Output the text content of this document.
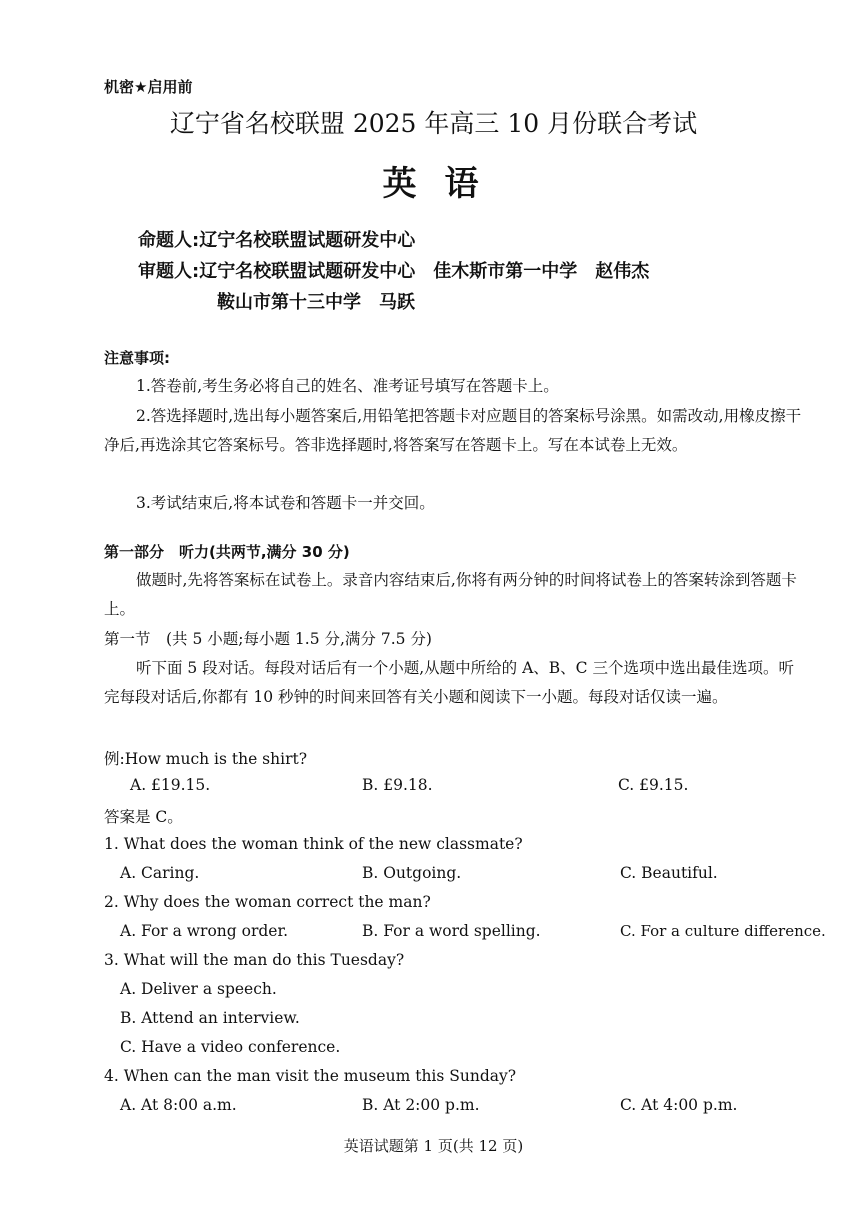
机密★启用前
辽宁省名校联盟 2025 年高三 10 月份联合考试
英语
命题人:辽宁名校联盟试题研发中心
审题人:辽宁名校联盟试题研发中心　佳木斯市第一中学　赵伟杰
鞍山市第十三中学　马跃
注意事项:
1.答卷前,考生务必将自己的姓名、准考证号填写在答题卡上。
2.答选择题时,选出每小题答案后,用铅笔把答题卡对应题目的答案标号涂黑。如需改动,用橡皮擦干净后,再选涂其它答案标号。答非选择题时,将答案写在答题卡上。写在本试卷上无效。
3.考试结束后,将本试卷和答题卡一并交回。
第一部分　听力(共两节,满分 30 分)
做题时,先将答案标在试卷上。录音内容结束后,你将有两分钟的时间将试卷上的答案转涂到答题卡上。
第一节　(共 5 小题;每小题 1.5 分,满分 7.5 分)
听下面 5 段对话。每段对话后有一个小题,从题中所给的 A、B、C 三个选项中选出最佳选项。听完每段对话后,你都有 10 秒钟的时间来回答有关小题和阅读下一小题。每段对话仅读一遍。
例:How much is the shirt?
A. £19.15.	B. £9.18.	C. £9.15.
答案是 C。
1. What does the woman think of the new classmate?
A. Caring.	B. Outgoing.	C. Beautiful.
2. Why does the woman correct the man?
A. For a wrong order.	B. For a word spelling.	C. For a culture difference.
3. What will the man do this Tuesday?
A. Deliver a speech.
B. Attend an interview.
C. Have a video conference.
4. When can the man visit the museum this Sunday?
A. At 8:00 a.m.	B. At 2:00 p.m.	C. At 4:00 p.m.
英语试题第 1 页(共 12 页)
